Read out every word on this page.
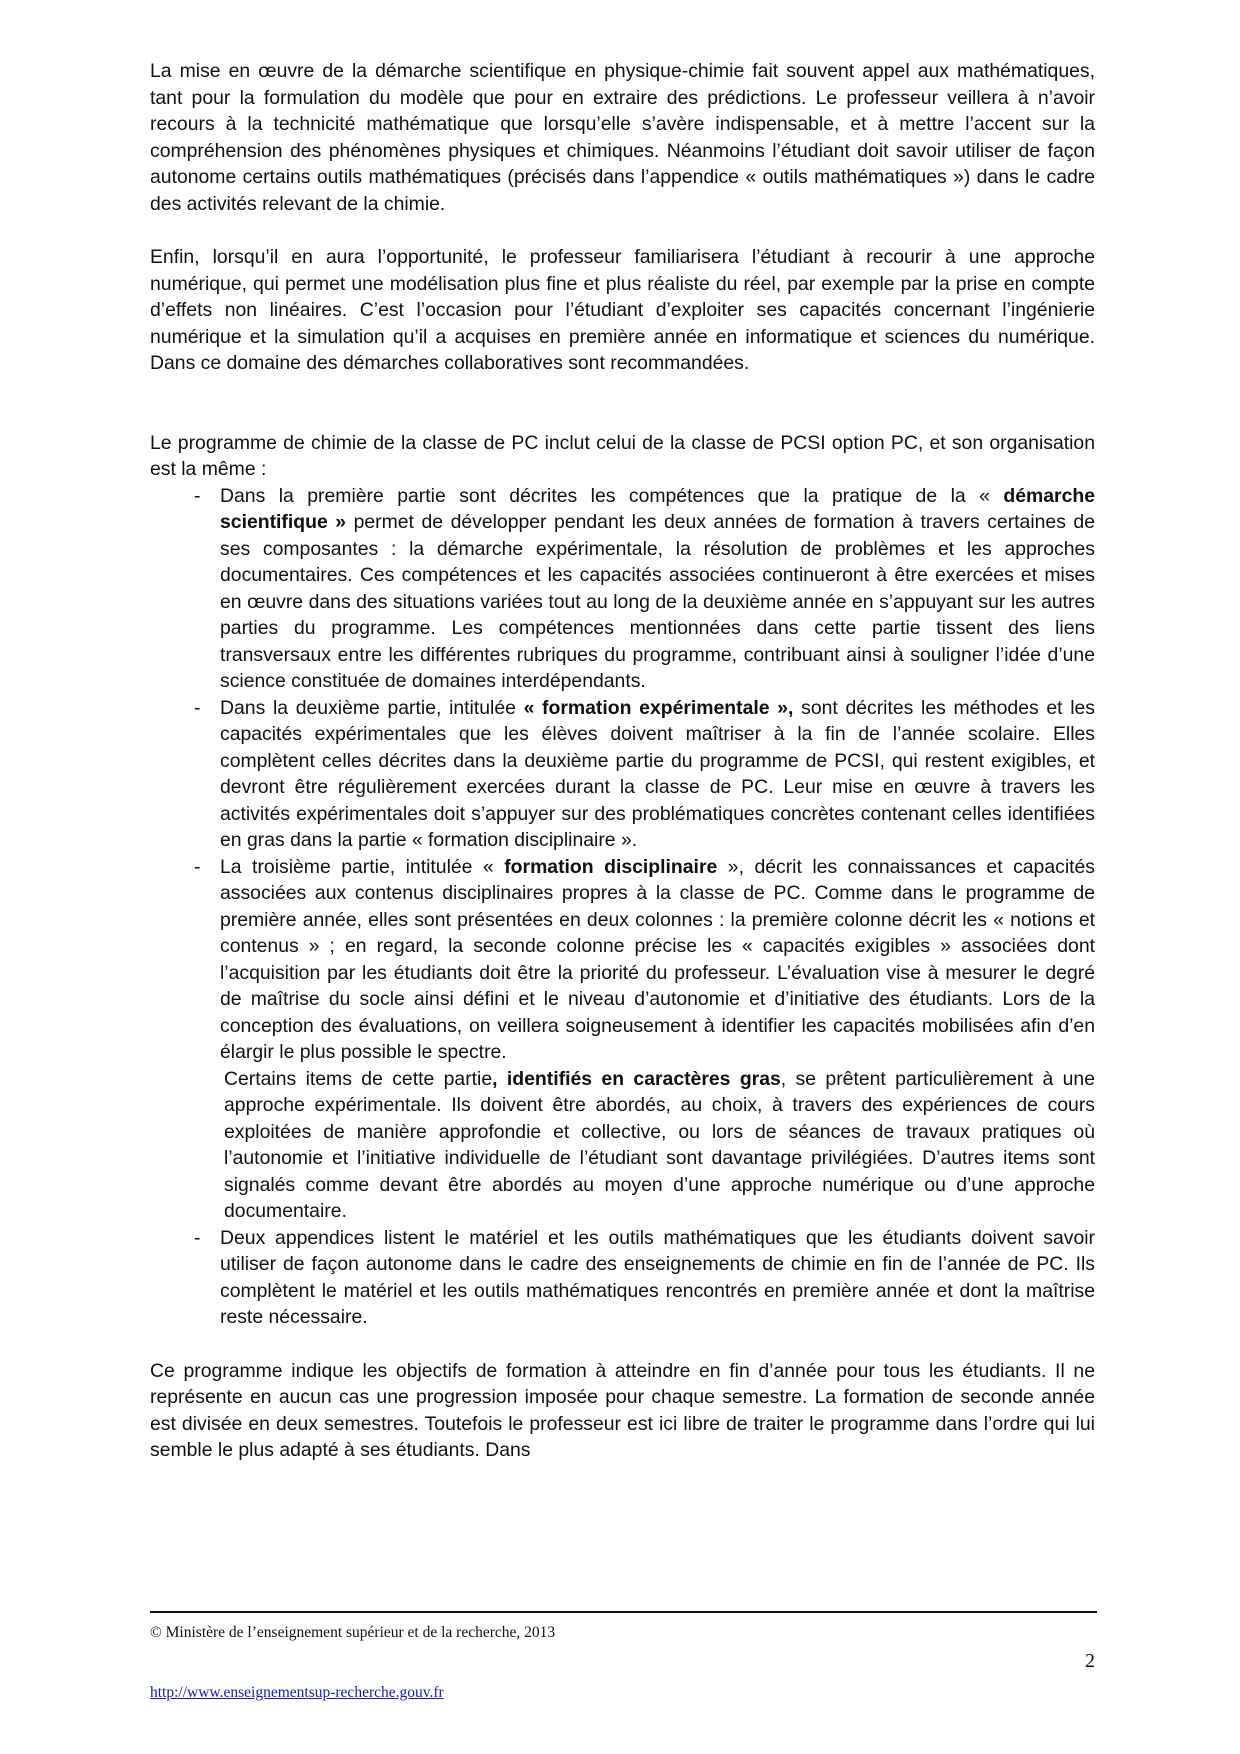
La mise en œuvre de la démarche scientifique en physique-chimie fait souvent appel aux mathématiques, tant pour la formulation du modèle que pour en extraire des prédictions. Le professeur veillera à n’avoir recours à la technicité mathématique que lorsqu’elle s’avère indispensable, et à mettre l’accent sur la compréhension des phénomènes physiques et chimiques. Néanmoins l’étudiant doit savoir utiliser de façon autonome certains outils mathématiques (précisés dans l’appendice « outils mathématiques ») dans le cadre des activités relevant de la chimie.

Enfin, lorsqu’il en aura l’opportunité, le professeur familiarisera l’étudiant à recourir à une approche numérique, qui permet une modélisation plus fine et plus réaliste du réel, par exemple par la prise en compte d’effets non linéaires. C’est l’occasion pour l’étudiant d’exploiter ses capacités concernant l’ingénierie numérique et la simulation qu’il a acquises en première année en informatique et sciences du numérique. Dans ce domaine des démarches collaboratives sont recommandées.

Le programme de chimie de la classe de PC inclut celui de la classe de PCSI option PC, et son organisation est la même :

- Dans la première partie sont décrites les compétences que la pratique de la « démarche scientifique » permet de développer pendant les deux années de formation à travers certaines de ses composantes : la démarche expérimentale, la résolution de problèmes et les approches documentaires. Ces compétences et les capacités associées continueront à être exercées et mises en œuvre dans des situations variées tout au long de la deuxième année en s’appuyant sur les autres parties du programme. Les compétences mentionnées dans cette partie tissent des liens transversaux entre les différentes rubriques du programme, contribuant ainsi à souligner l’idée d’une science constituée de domaines interdépendants.

- Dans la deuxième partie, intitulée « formation expérimentale », sont décrites les méthodes et les capacités expérimentales que les élèves doivent maîtriser à la fin de l’année scolaire. Elles complètent celles décrites dans la deuxième partie du programme de PCSI, qui restent exigibles, et devront être régulièrement exercées durant la classe de PC. Leur mise en œuvre à travers les activités expérimentales doit s’appuyer sur des problématiques concrètes contenant celles identifiées en gras dans la partie « formation disciplinaire ».

- La troisième partie, intitulée « formation disciplinaire », décrit les connaissances et capacités associées aux contenus disciplinaires propres à la classe de PC. Comme dans le programme de première année, elles sont présentées en deux colonnes : la première colonne décrit les « notions et contenus » ; en regard, la seconde colonne précise les « capacités exigibles » associées dont l’acquisition par les étudiants doit être la priorité du professeur. L’évaluation vise à mesurer le degré de maîtrise du socle ainsi défini et le niveau d’autonomie et d’initiative des étudiants. Lors de la conception des évaluations, on veillera soigneusement à identifier les capacités mobilisées afin d’en élargir le plus possible le spectre.

Certains items de cette partie, identifiés en caractères gras, se prêtent particulièrement à une approche expérimentale. Ils doivent être abordés, au choix, à travers des expériences de cours exploitées de manière approfondie et collective, ou lors de séances de travaux pratiques où l’autonomie et l’initiative individuelle de l’étudiant sont davantage privilégiées. D’autres items sont signalés comme devant être abordés au moyen d’une approche numérique ou d’une approche documentaire.

- Deux appendices listent le matériel et les outils mathématiques que les étudiants doivent savoir utiliser de façon autonome dans le cadre des enseignements de chimie en fin de l’année de PC. Ils complètent le matériel et les outils mathématiques rencontrés en première année et dont la maîtrise reste nécessaire.

Ce programme indique les objectifs de formation à atteindre en fin d’année pour tous les étudiants. Il ne représente en aucun cas une progression imposée pour chaque semestre. La formation de seconde année est divisée en deux semestres. Toutefois le professeur est ici libre de traiter le programme dans l’ordre qui lui semble le plus adapté à ses étudiants. Dans

© Ministère de l’enseignement supérieur et de la recherche, 2013
2
http://www.enseignementsup-recherche.gouv.fr
